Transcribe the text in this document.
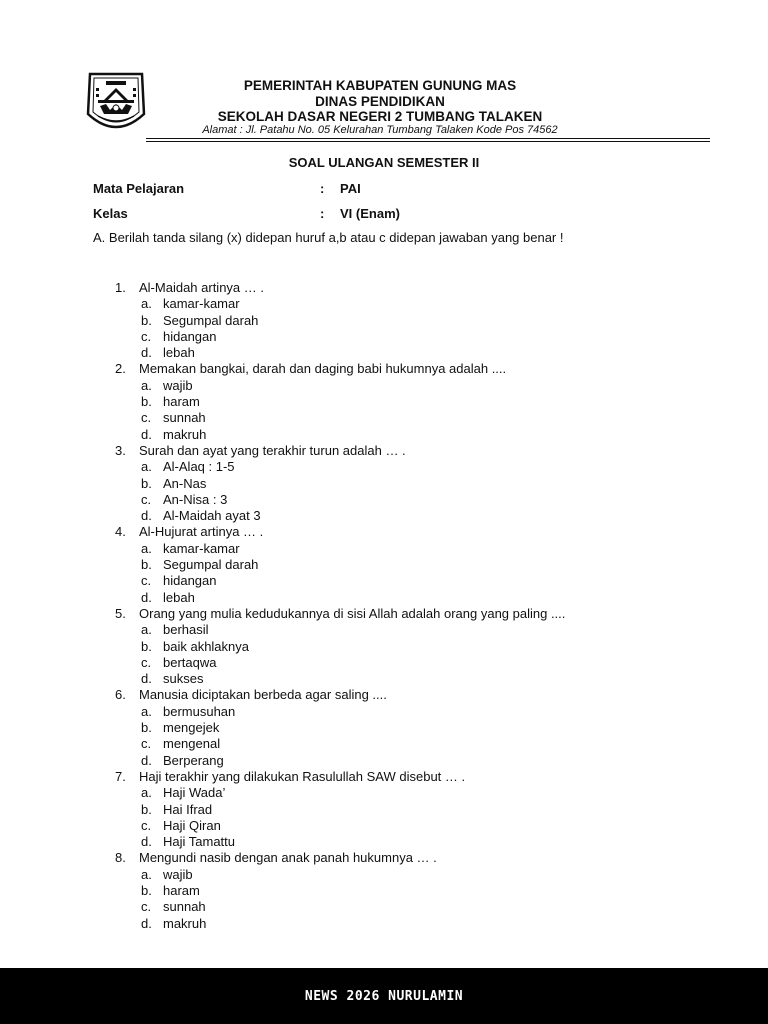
PEMERINTAH KABUPATEN GUNUNG MAS
DINAS PENDIDIKAN
SEKOLAH DASAR NEGERI 2 TUMBANG TALAKEN
Alamat : Jl. Patahu No. 05 Kelurahan Tumbang Talaken Kode Pos 74562
SOAL ULANGAN SEMESTER II
Mata Pelajaran	: PAI
Kelas	: VI (Enam)
A. Berilah tanda silang (x) didepan huruf a,b atau c didepan jawaban yang benar !
1. Al-Maidah artinya … .
a. kamar-kamar
b. Segumpal darah
c. hidangan
d. lebah
2. Memakan bangkai, darah dan daging babi hukumnya adalah ....
a. wajib
b. haram
c. sunnah
d. makruh
3. Surah dan ayat yang terakhir turun adalah … .
a. Al-Alaq : 1-5
b. An-Nas
c. An-Nisa : 3
d. Al-Maidah ayat 3
4. Al-Hujurat artinya … .
a. kamar-kamar
b. Segumpal darah
c. hidangan
d. lebah
5. Orang yang mulia kedudukannya di sisi Allah adalah orang yang paling ....
a. berhasil
b. baik akhlaknya
c. bertaqwa
d. sukses
6. Manusia diciptakan berbeda agar saling ....
a. bermusuhan
b. mengejek
c. mengenal
d. Berperang
7. Haji terakhir yang dilakukan Rasulullah SAW disebut … .
a. Haji Wada’
b. Hai Ifrad
c. Haji Qiran
d. Haji Tamattu
8. Mengundi nasib dengan anak panah hukumnya … .
a. wajib
b. haram
c. sunnah
d. makruh
NEWS 2026 NURULAMIN
